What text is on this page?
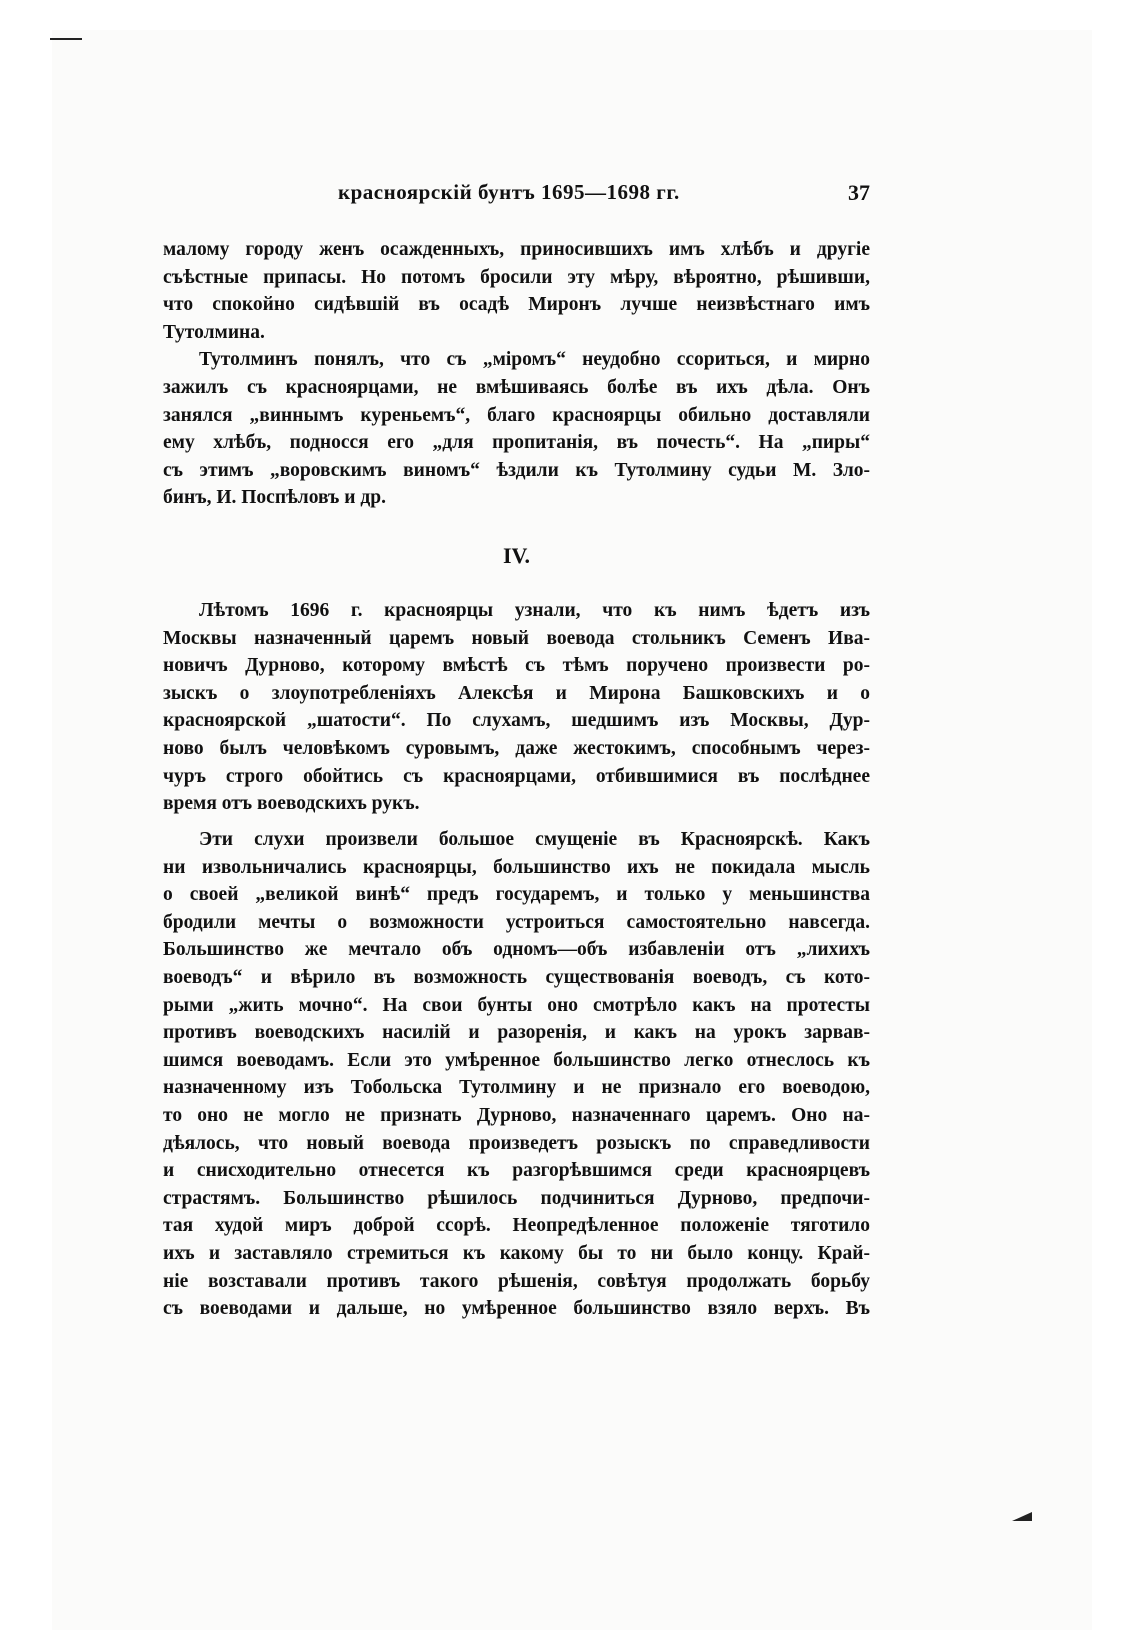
красноярскій бунтъ 1695—1698 гг.	37
малому городу женъ осажденныхъ, приносившихъ имъ хлѣбъ и другіе
съѣстные припасы. Но потомъ бросили эту мѣру, вѣроятно, рѣшивши,
что спокойно сидѣвшій въ осадѣ Миронъ лучше неизвѣстнаго имъ
Тутолмина.
Тутолминъ понялъ, что съ „міромъ“ неудобно ссориться, и мирно
зажилъ съ красноярцами, не вмѣшиваясь болѣе въ ихъ дѣла. Онъ
занялся „виннымъ куреньемъ“, благо красноярцы обильно доставляли
ему хлѣбъ, подносся его „для пропитанія, въ почесть“. На „пиры“
съ этимъ „воровскимъ виномъ“ ѣздили къ Тутолмину судьи М. Зло-
бинъ, И. Поспѣловъ и др.
IV.
Лѣтомъ 1696 г. красноярцы узнали, что къ нимъ ѣдетъ изъ
Москвы назначенный царемъ новый воевода стольникъ Семенъ Ива-
новичъ Дурново, которому вмѣстѣ съ тѣмъ поручено произвести ро-
зыскъ о злоупотребленіяхъ Алексѣя и Мирона Башковскихъ и о
красноярской „шатости“. По слухамъ, шедшимъ изъ Москвы, Дур-
ново былъ человѣкомъ суровымъ, даже жестокимъ, способнымъ через-
чуръ строго обойтись съ красноярцами, отбившимися въ послѣднее
время отъ воеводскихъ рукъ.
Эти слухи произвели большое смущеніе въ Красноярскѣ. Какъ
ни извольничались красноярцы, большинство ихъ не покидала мысль
о своей „великой винѣ“ предъ государемъ, и только у меньшинства
бродили мечты о возможности устроиться самостоятельно навсегда.
Большинство же мечтало объ одномъ—объ избавленіи отъ „лихихъ
воеводъ“ и вѣрило въ возможность существованія воеводъ, съ кото-
рыми „жить мочно“. На свои бунты оно смотрѣло какъ на протесты
противъ воеводскихъ насилій и разоренія, и какъ на урокъ зарвав-
шимся воеводамъ. Если это умѣренное большинство легко отнеслось къ
назначенному изъ Тобольска Тутолмину и не признало его воеводою,
то оно не могло не признать Дурново, назначеннаго царемъ. Оно на-
дѣялось, что новый воевода произведетъ розыскъ по справедливости
и снисходительно отнесется къ разгорѣвшимся среди красноярцевъ
страстямъ. Большинство рѣшилось подчиниться Дурново, предпочи-
тая худой миръ доброй ссорѣ. Неопредѣленное положеніе тяготило
ихъ и заставляло стремиться къ какому бы то ни было концу. Край-
ніе возставали противъ такого рѣшенія, совѣтуя продолжать борьбу
съ воеводами и дальше, но умѣренное большинство взяло верхъ. Въ
